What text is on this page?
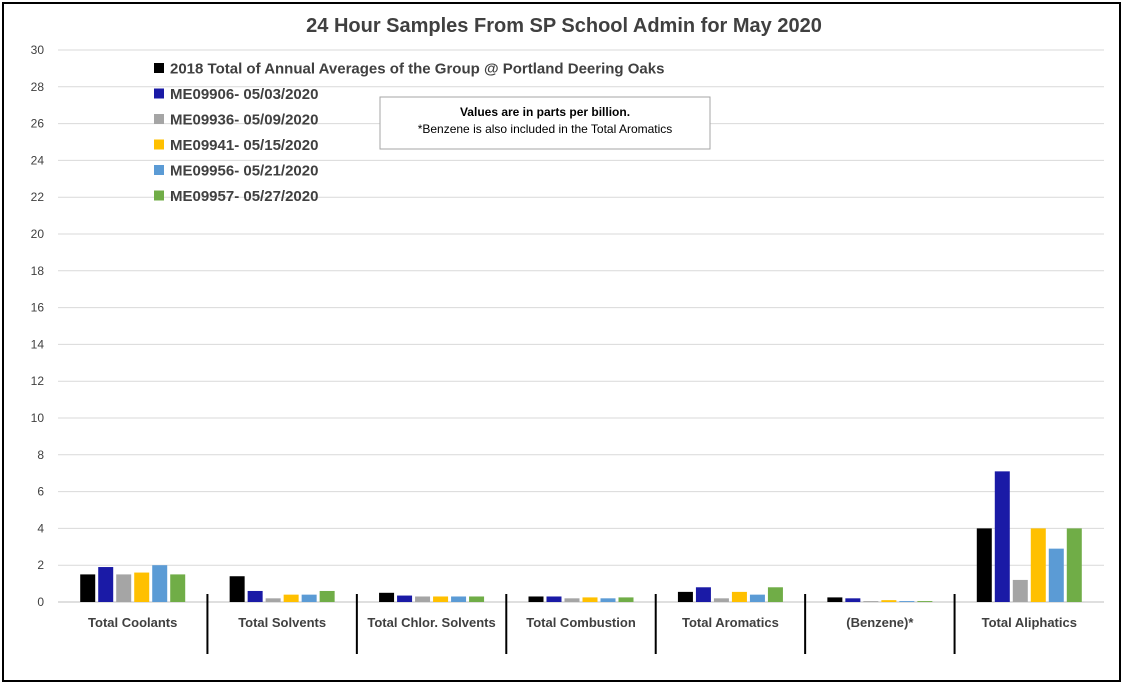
24 Hour Samples From SP School Admin for May 2020
0
2
4
6
8
10
12
14
16
18
20
22
24
26
28
30
Total Coolants	Total Solvents	Total Chlor. Solvents Total Combustion	Total Aromatics	(Benzene)*	Total Aliphatics
2018 Total of Annual Averages of the Group @ Portland Deering Oaks
ME09906- 05/03/2020
ME09936- 05/09/2020
ME09941- 05/15/2020
ME09956- 05/21/2020
ME09957- 05/27/2020
Values are in parts per billion.
*Benzene is also included in the Total Aromatics
